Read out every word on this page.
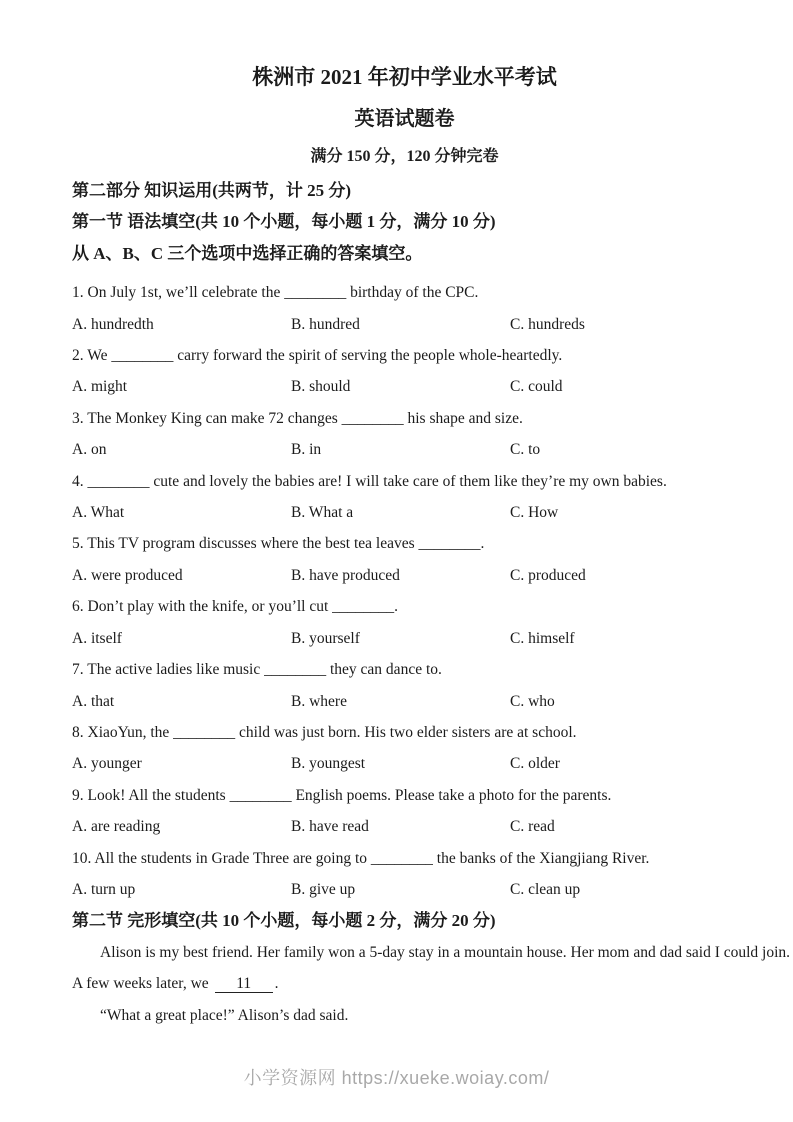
株洲市 2021 年初中学业水平考试
英语试题卷
满分 150 分，120 分钟完卷
第二部分 知识运用(共两节，计 25 分)
第一节 语法填空(共 10 个小题，每小题 1 分，满分 10 分)
从 A、B、C 三个选项中选择正确的答案填空。
1. On July 1st, we’ll celebrate the ________ birthday of the CPC.
A. hundredth	B. hundred	C. hundreds
2. We ________ carry forward the spirit of serving the people whole-heartedly.
A. might	B. should	C. could
3. The Monkey King can make 72 changes ________ his shape and size.
A. on	B. in	C. to
4. ________ cute and lovely the babies are! I will take care of them like they’re my own babies.
A. What	B. What a	C. How
5. This TV program discusses where the best tea leaves ________.
A. were produced	B. have produced	C. produced
6. Don’t play with the knife, or you’ll cut ________.
A. itself	B. yourself	C. himself
7. The active ladies like music ________ they can dance to.
A. that	B. where	C. who
8. XiaoYun, the ________ child was just born. His two elder sisters are at school.
A. younger	B. youngest	C. older
9. Look! All the students ________ English poems. Please take a photo for the parents.
A. are reading	B. have read	C. read
10. All the students in Grade Three are going to ________ the banks of the Xiangjiang River.
A. turn up	B. give up	C. clean up
第二节 完形填空(共 10 个小题，每小题 2 分，满分 20 分)
Alison is my best friend. Her family won a 5-day stay in a mountain house. Her mom and dad said I could join.
A few weeks later, we 11 .
“What a great place!” Alison’s dad said.
小学资源网 https://xueke.woiay.com/
